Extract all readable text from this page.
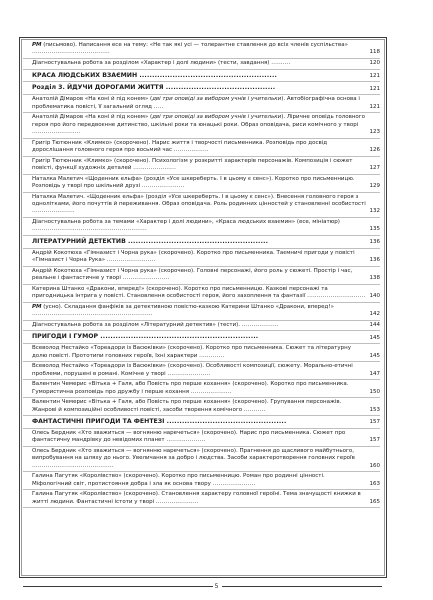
РМ (письмово). Написання есе на тему: «Не так які усі — толерантне ставлення до всіх членів суспільства» ........................................	118
Діагностувальна робота за розділом «Характер і долі людини» (тести, завдання) ..........	120
КРАСА ЛЮДСЬКИХ ВЗАЄМИН ......................................................	121
Розділ 3. ЙДУЧИ ДОРОГАМИ ЖИТТЯ ...........................................	121
Анатолій Дімаров «На коні й під конем» (дві три оповіді за вибором учнів і учительки). Автобіографічна основа і проблематика повісті, її загальний огляд .....	121
Анатолій Дімаров «На коні й під конем» (дві три оповіді за вибором учнів і учительки). Ліричне оповідь головного героя про його передвоєнне дитинство, шкільні роки та юнацькі роки. Образ оповідача, риси комічного у творі .........................	123
Григір Тютюнник «Климко» (скорочено). Нарис життя і творчості письменника. Розповідь про досвід дорослішання головного героя про восьмий час ..................	126
Григір Тютюнник «Климко» (скорочено). Психологізм у розкритті характерів персонажів. Композиція і сюжет повісті, функції художніх деталей ......................	127
Наталка Малетич «Щоденник ельфа» (розділ «Усе шкереберть. І в цьому є сенс»). Коротко про письменницю. Розповідь у творі про шкільний друзі ......................	129
Наталка Малетич. «Щоденник ельфа» (розділ «Усе шкереберть. І в цьому є сенс»). Внесення головного героя з однолітками, його почуттів й переживання. Образ оповідача. Роль родинних цінностей у становленні особистості ......................	132
Діагностувальна робота за темами «Характер і долі людини», «Краса людських взаємин» (есе, мініатюр) ...........................................................	135
ЛІТЕРАТУРНИЙ ДЕТЕКТИВ .......................................................	136
Андрій Кокотюха «Гімназист і Чорна рука» (скорочено). Коротко про письменника. Таємничі пригоди у повісті «Гімназист і Чорна Рука» .........................	136
Андрій Кокотюха «Гімназист і Чорна рука» (скорочено). Головні персонажі, його роль у сюжеті. Простір і час, реальне і фантастичне у творі ........................	138
Катерина Штанко «Дракони, вперед!» (скорочено). Коротко про письменницю. Казкові персонажі та пригодницька інтрига у повісті. Становлення особистості героя, його захоплення та фантазії .............................. 140
РМ (усно). Складання фанфіків за детективною повістю-казкою Катерини Штанко «Дракони, вперед!» ..............................................................	142
Діагностувальна робота за розділом «Літературний детектив» (тести). ...................	144
ПРИГОДИ І ГУМОР ..............................................................	145
Всеволод Нестайко «Тореадори із Васюківки» (скорочено). Коротко про письменника. Сюжет та літературну долю повісті. Прототипи головних героїв, їхні характери .............	145
Всеволод Нестайко «Тореадори із Васюківки» (скорочено). Особливості композиції, сюжету. Морально-етичні проблеми, порушені в романі. Комічне у творі ......................	147
Валентин Чемерис «Вітька + Галя, або Повість про перше кохання» (скорочено). Коротко про письменника. Гумористична розповідь про дружбу і перше кохання .....................	150
Валентин Чемерис «Вітька + Галя, або Повість про перше кохання» (скорочено). Групування персонажів. Жанрові й композиційні особливості повісті, засоби творення комічного ...........	153
ФАНТАСТИЧНІ ПРИГОДИ ТА ФЕНТЕЗІ ...............................................	157
Олесь Бердник «Хто зважиться — вогнянню наречеться» (скорочено). Нарис про письменника. Сюжет про фантастичну мандрівку до невідомих планет ....................	157
Олесь Бердник «Хто зважиться — вогнянню наречеться» (скорочено). Прагнення до щасливого майбутнього, випробування на шляху до нього. Увеличання за добро і людства. Засоби характеротворення головних героїв ..........................................	160
Галина Пагутяк «Королівство» (скорочено). Коротко про письменницю. Роман про родинні цінності. Міфологічний світ, протистояння добра і зла як основа твору ......................	163
Галина Пагутяк «Королівство» (скорочено). Становлення характеру головної героїні. Тема значущості книжки в житті людини. Фантастичні істоти у творі ......................	165
5
